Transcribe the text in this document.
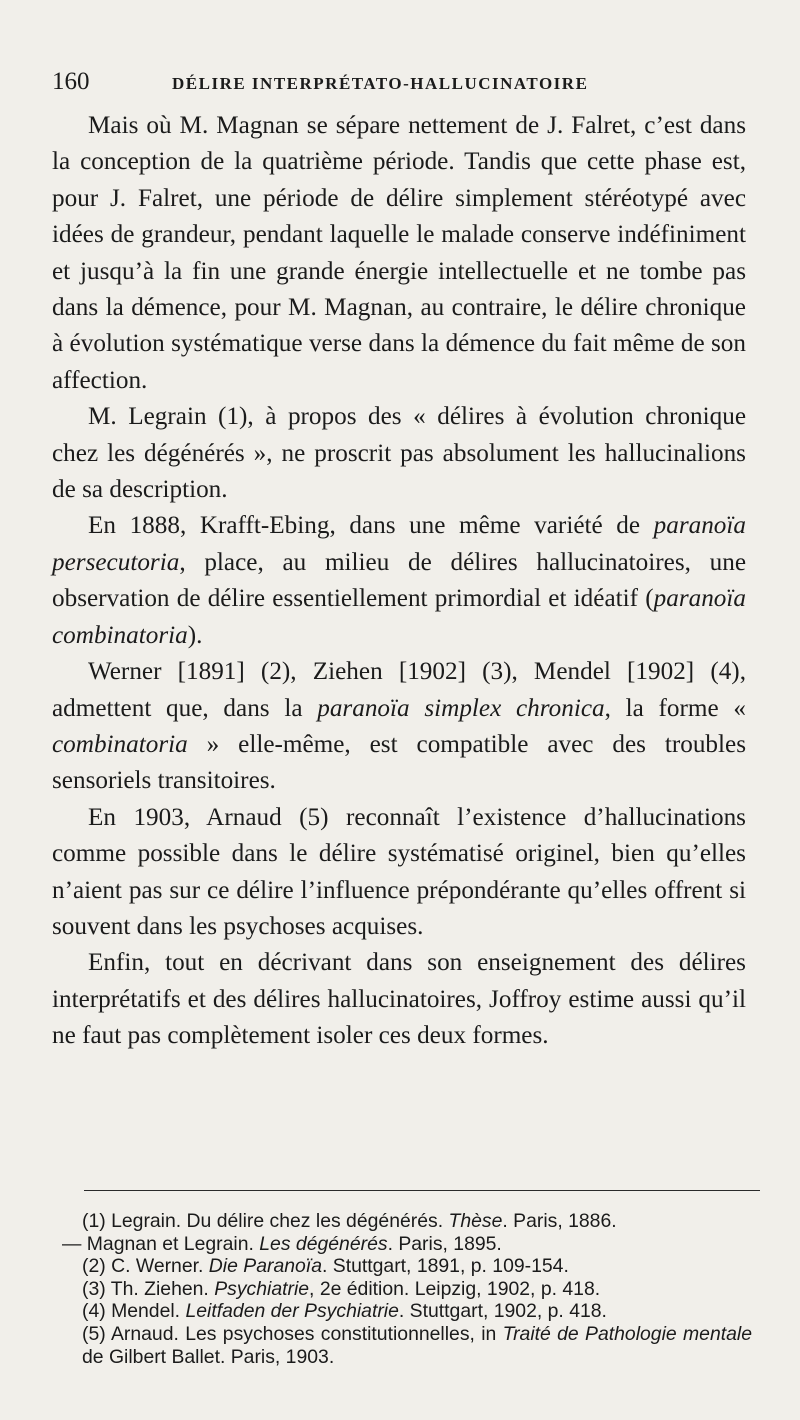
160	DÉLIRE INTERPRÉTATO-HALLUCINATOIRE

Mais où M. Magnan se sépare nettement de J. Falret, c’est dans la conception de la quatrième période. Tandis que cette phase est, pour J. Falret, une période de délire simplement stéréotypé avec idées de grandeur, pendant laquelle le malade conserve indéfiniment et jusqu’à la fin une grande énergie intellectuelle et ne tombe pas dans la démence, pour M. Magnan, au contraire, le délire chronique à évolution systématique verse dans la démence du fait même de son affection.

M. Legrain (1), à propos des « délires à évolution chronique chez les dégénérés », ne proscrit pas absolument les hallucinalions de sa description.

En 1888, Krafft-Ebing, dans une même variété de paranoïa persecutoria, place, au milieu de délires hallucinatoires, une observation de délire essentiellement primordial et idéatif (paranoïa combinatoria).

Werner [1891] (2), Ziehen [1902] (3), Mendel [1902] (4), admettent que, dans la paranoïa simplex chronica, la forme « combinatoria » elle-même, est compatible avec des troubles sensoriels transitoires.

En 1903, Arnaud (5) reconnaît l’existence d’hallucinations comme possible dans le délire systématisé originel, bien qu’elles n’aient pas sur ce délire l’influence prépondérante qu’elles offrent si souvent dans les psychoses acquises.

Enfin, tout en décrivant dans son enseignement des délires interprétatifs et des délires hallucinatoires, Joffroy estime aussi qu’il ne faut pas complètement isoler ces deux formes.

(1) Legrain. Du délire chez les dégénérés. Thèse. Paris, 1886.

— Magnan et Legrain. Les dégénérés. Paris, 1895.

(2) C. Werner. Die Paranoïa. Stuttgart, 1891, p. 109-154.

(3) Th. Ziehen. Psychiatrie, 2e édition. Leipzig, 1902, p. 418.

(4) Mendel. Leitfaden der Psychiatrie. Stuttgart, 1902, p. 418.

(5) Arnaud. Les psychoses constitutionnelles, in Traité de Pathologie mentale de Gilbert Ballet. Paris, 1903.
